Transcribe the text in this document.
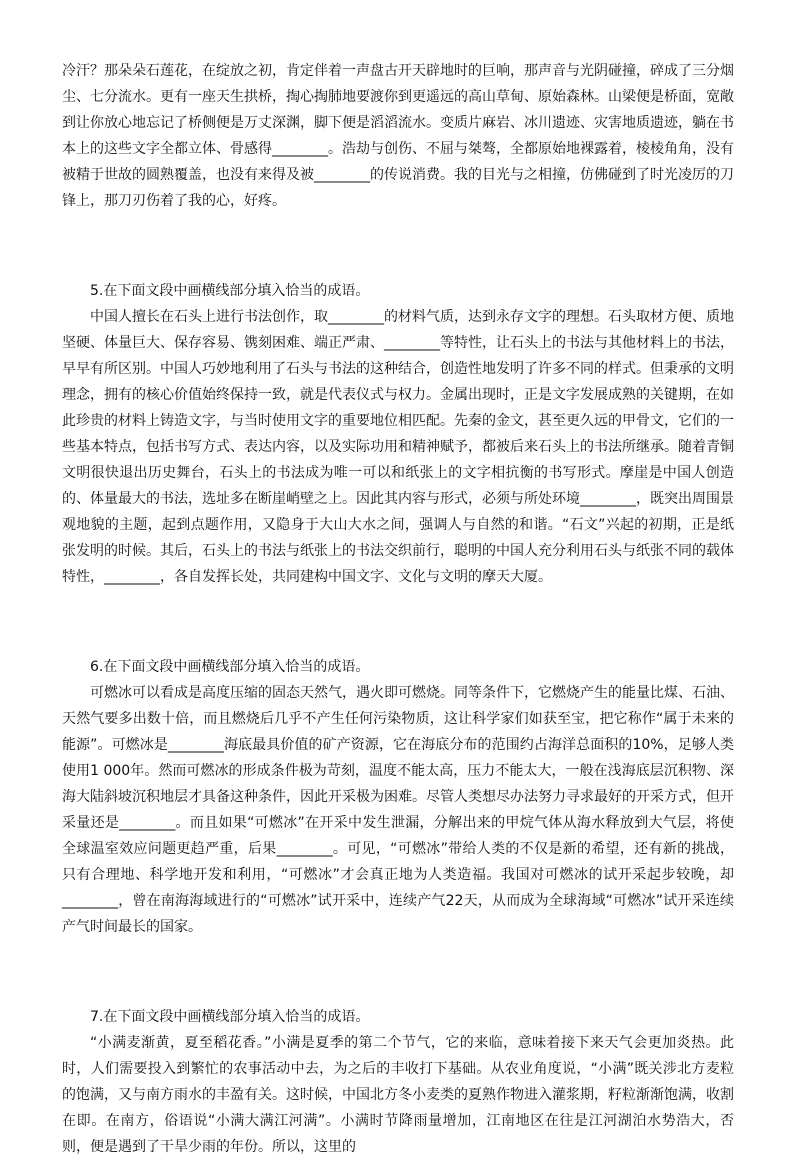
冷汗？那朵朵石莲花，在绽放之初，肯定伴着一声盘古开天辟地时的巨响，那声音与光阴碰撞，碎成了三分烟尘、七分流水。更有一座天生拱桥，掏心掏肺地要渡你到更遥远的高山草甸、原始森林。山梁便是桥面，宽敞到让你放心地忘记了桥侧便是万丈深渊，脚下便是滔滔流水。变质片麻岩、冰川遗迹、灾害地质遗迹，躺在书本上的这些文字全都立体、骨感得________。浩劫与创伤、不屈与桀骜，全都原始地裸露着，棱棱角角，没有被精于世故的圆熟覆盖，也没有来得及被________的传说消费。我的目光与之相撞，仿佛碰到了时光凌厉的刀锋上，那刀刃伤着了我的心，好疼。

5.在下面文段中画横线部分填入恰当的成语。

中国人擅长在石头上进行书法创作，取________的材料气质，达到永存文字的理想。石头取材方便、质地坚硬、体量巨大、保存容易、镌刻困难、端正严肃、________等特性，让石头上的书法与其他材料上的书法，早早有所区别。中国人巧妙地利用了石头与书法的这种结合，创造性地发明了许多不同的样式。但秉承的文明理念，拥有的核心价值始终保持一致，就是代表仪式与权力。金属出现时，正是文字发展成熟的关键期，在如此珍贵的材料上铸造文字，与当时使用文字的重要地位相匹配。先秦的金文，甚至更久远的甲骨文，它们的一些基本特点，包括书写方式、表达内容，以及实际功用和精神赋予，都被后来石头上的书法所继承。随着青铜文明很快退出历史舞台，石头上的书法成为唯一可以和纸张上的文字相抗衡的书写形式。摩崖是中国人创造的、体量最大的书法，选址多在断崖峭壁之上。因此其内容与形式，必须与所处环境________，既突出周围景观地貌的主题，起到点题作用，又隐身于大山大水之间，强调人与自然的和谐。“石文”兴起的初期，正是纸张发明的时候。其后，石头上的书法与纸张上的书法交织前行，聪明的中国人充分利用石头与纸张不同的载体特性，________，各自发挥长处，共同建构中国文字、文化与文明的摩天大厦。

6.在下面文段中画横线部分填入恰当的成语。

可燃冰可以看成是高度压缩的固态天然气，遇火即可燃烧。同等条件下，它燃烧产生的能量比煤、石油、天然气要多出数十倍，而且燃烧后几乎不产生任何污染物质，这让科学家们如获至宝，把它称作“属于未来的能源”。可燃冰是________海底最具价值的矿产资源，它在海底分布的范围约占海洋总面积的10%，足够人类使用1 000年。然而可燃冰的形成条件极为苛刻，温度不能太高，压力不能太大，一般在浅海底层沉积物、深海大陆斜坡沉积地层才具备这种条件，因此开采极为困难。尽管人类想尽办法努力寻求最好的开采方式，但开采量还是________。而且如果“可燃冰”在开采中发生泄漏，分解出来的甲烷气体从海水释放到大气层，将使全球温室效应问题更趋严重，后果________。可见，“可燃冰”带给人类的不仅是新的希望，还有新的挑战，只有合理地、科学地开发和利用，“可燃冰”才会真正地为人类造福。我国对可燃冰的试开采起步较晚，却________，曾在南海海域进行的“可燃冰”试开采中，连续产气22天，从而成为全球海域“可燃冰”试开采连续产气时间最长的国家。

7.在下面文段中画横线部分填入恰当的成语。

“小满麦渐黄，夏至稻花香。”小满是夏季的第二个节气，它的来临，意味着接下来天气会更加炎热。此时，人们需要投入到繁忙的农事活动中去，为之后的丰收打下基础。从农业角度说，“小满”既关涉北方麦粒的饱满，又与南方雨水的丰盈有关。这时候，中国北方冬小麦类的夏熟作物进入灌浆期，籽粒渐渐饱满，收割在即。在南方，俗语说“小满大满江河满”。小满时节降雨量增加，江南地区在往是江河湖泊水势浩大，否则，便是遇到了干旱少雨的年份。所以，这里的
